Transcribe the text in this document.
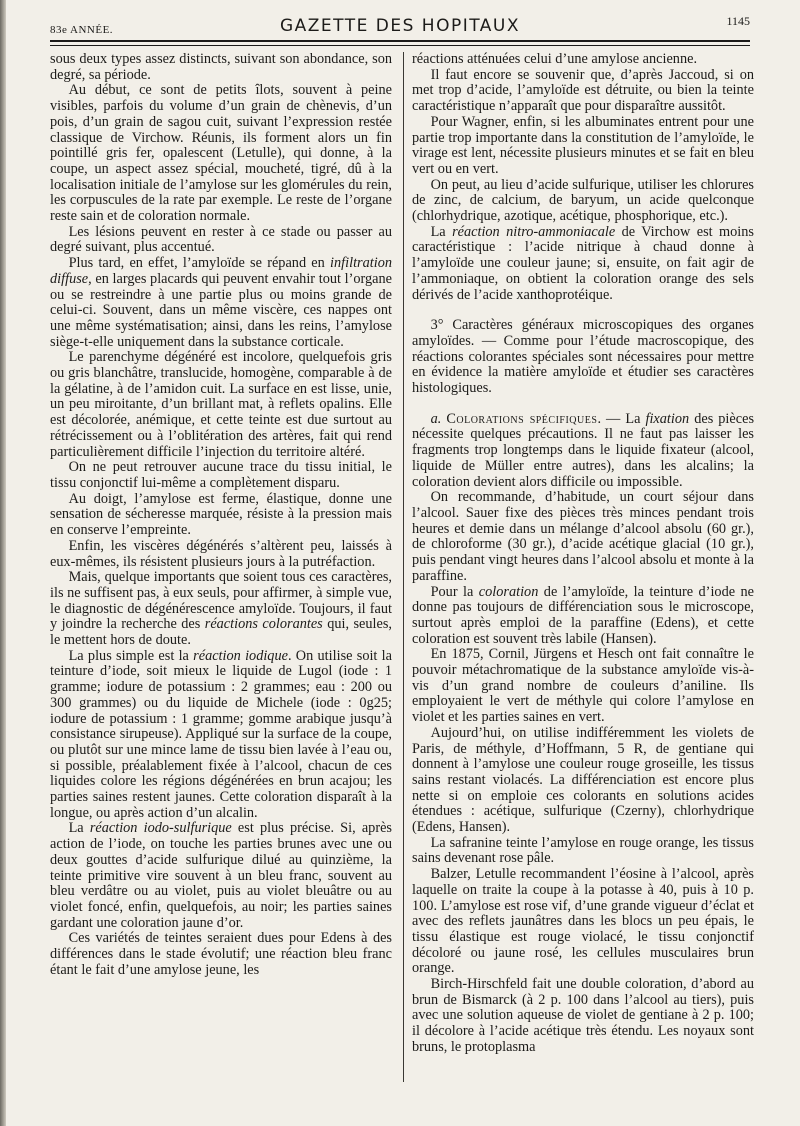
83e ANNÉE.	GAZETTE DES HOPITAUX	1145

sous deux types assez distincts, suivant son abondance, son degré, sa période.

Au début, ce sont de petits îlots, souvent à peine visibles, parfois du volume d’un grain de chènevis, d’un pois, d’un grain de sagou cuit, suivant l’expression restée classique de Virchow. Réunis, ils forment alors un fin pointillé gris fer, opalescent (Letulle), qui donne, à la coupe, un aspect assez spécial, moucheté, tigré, dû à la localisation initiale de l’amylose sur les glomérules du rein, les corpuscules de la rate par exemple. Le reste de l’organe reste sain et de coloration normale.

Les lésions peuvent en rester à ce stade ou passer au degré suivant, plus accentué.

Plus tard, en effet, l’amyloïde se répand en infiltration diffuse, en larges placards qui peuvent envahir tout l’organe ou se restreindre à une partie plus ou moins grande de celui-ci. Souvent, dans un même viscère, ces nappes ont une même systématisation; ainsi, dans les reins, l’amylose siège-t-elle uniquement dans la substance corticale.

Le parenchyme dégénéré est incolore, quelquefois gris ou gris blanchâtre, translucide, homogène, comparable à de la gélatine, à de l’amidon cuit. La surface en est lisse, unie, un peu miroitante, d’un brillant mat, à reflets opalins. Elle est décolorée, anémique, et cette teinte est due surtout au rétrécissement ou à l’oblitération des artères, fait qui rend particulièrement difficile l’injection du territoire altéré.

On ne peut retrouver aucune trace du tissu initial, le tissu conjonctif lui-même a complètement disparu.

Au doigt, l’amylose est ferme, élastique, donne une sensation de sécheresse marquée, résiste à la pression mais en conserve l’empreinte.

Enfin, les viscères dégénérés s’altèrent peu, laissés à eux-mêmes, ils résistent plusieurs jours à la putréfaction.

Mais, quelque importants que soient tous ces caractères, ils ne suffisent pas, à eux seuls, pour affirmer, à simple vue, le diagnostic de dégénérescence amyloïde. Toujours, il faut y joindre la recherche des réactions colorantes qui, seules, le mettent hors de doute.

La plus simple est la réaction iodique. On utilise soit la teinture d’iode, soit mieux le liquide de Lugol (iode : 1 gramme; iodure de potassium : 2 grammes; eau : 200 ou 300 grammes) ou du liquide de Michele (iode : 0g25; iodure de potassium : 1 gramme; gomme arabique jusqu’à consistance sirupeuse). Appliqué sur la surface de la coupe, ou plutôt sur une mince lame de tissu bien lavée à l’eau ou, si possible, préalablement fixée à l’alcool, chacun de ces liquides colore les régions dégénérées en brun acajou; les parties saines restent jaunes. Cette coloration disparaît à la longue, ou après action d’un alcalin.

La réaction iodo-sulfurique est plus précise. Si, après action de l’iode, on touche les parties brunes avec une ou deux gouttes d’acide sulfurique dilué au quinzième, la teinte primitive vire souvent à un bleu franc, souvent au bleu verdâtre ou au violet, puis au violet bleuâtre ou au violet foncé, enfin, quelquefois, au noir; les parties saines gardant une coloration jaune d’or.

Ces variétés de teintes seraient dues pour Edens à des différences dans le stade évolutif; une réaction bleu franc étant le fait d’une amylose jeune, les

réactions atténuées celui d’une amylose ancienne.

Il faut encore se souvenir que, d’après Jaccoud, si on met trop d’acide, l’amyloïde est détruite, ou bien la teinte caractéristique n’apparaît que pour disparaître aussitôt.

Pour Wagner, enfin, si les albuminates entrent pour une partie trop importante dans la constitution de l’amyloïde, le virage est lent, nécessite plusieurs minutes et se fait en bleu vert ou en vert.

On peut, au lieu d’acide sulfurique, utiliser les chlorures de zinc, de calcium, de baryum, un acide quelconque (chlorhydrique, azotique, acétique, phosphorique, etc.).

La réaction nitro-ammoniacale de Virchow est moins caractéristique : l’acide nitrique à chaud donne à l’amyloïde une couleur jaune; si, ensuite, on fait agir de l’ammoniaque, on obtient la coloration orange des sels dérivés de l’acide xanthoprotéique.

3° Caractères généraux microscopiques des organes amyloïdes. — Comme pour l’étude macroscopique, des réactions colorantes spéciales sont nécessaires pour mettre en évidence la matière amyloïde et étudier ses caractères histologiques.

a. Colorations spécifiques. — La fixation des pièces nécessite quelques précautions. Il ne faut pas laisser les fragments trop longtemps dans le liquide fixateur (alcool, liquide de Müller entre autres), dans les alcalins; la coloration devient alors difficile ou impossible.

On recommande, d’habitude, un court séjour dans l’alcool. Sauer fixe des pièces très minces pendant trois heures et demie dans un mélange d’alcool absolu (60 gr.), de chloroforme (30 gr.), d’acide acétique glacial (10 gr.), puis pendant vingt heures dans l’alcool absolu et monte à la paraffine.

Pour la coloration de l’amyloïde, la teinture d’iode ne donne pas toujours de différenciation sous le microscope, surtout après emploi de la paraffine (Edens), et cette coloration est souvent très labile (Hansen).

En 1875, Cornil, Jürgens et Hesch ont fait connaître le pouvoir métachromatique de la substance amyloïde vis-à-vis d’un grand nombre de couleurs d’aniline. Ils employaient le vert de méthyle qui colore l’amylose en violet et les parties saines en vert.

Aujourd’hui, on utilise indifféremment les violets de Paris, de méthyle, d’Hoffmann, 5 R, de gentiane qui donnent à l’amylose une couleur rouge groseille, les tissus sains restant violacés. La différenciation est encore plus nette si on emploie ces colorants en solutions acides étendues : acétique, sulfurique (Czerny), chlorhydrique (Edens, Hansen).

La safranine teinte l’amylose en rouge orange, les tissus sains devenant rose pâle.

Balzer, Letulle recommandent l’éosine à l’alcool, après laquelle on traite la coupe à la potasse à 40, puis à 10 p. 100. L’amylose est rose vif, d’une grande vigueur d’éclat et avec des reflets jaunâtres dans les blocs un peu épais, le tissu élastique est rouge violacé, le tissu conjonctif décoloré ou jaune rosé, les cellules musculaires brun orange.

Birch-Hirschfeld fait une double coloration, d’abord au brun de Bismarck (à 2 p. 100 dans l’alcool au tiers), puis avec une solution aqueuse de violet de gentiane à 2 p. 100; il décolore à l’acide acétique très étendu. Les noyaux sont bruns, le protoplasma
